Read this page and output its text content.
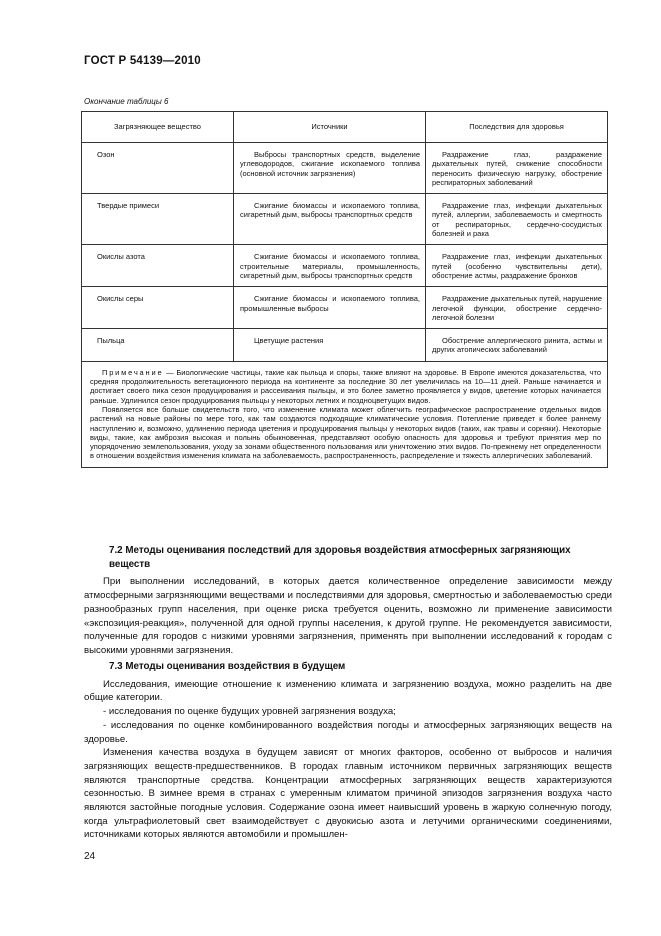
ГОСТ Р 54139—2010
Окончание таблицы 6
Загрязняющее вещество	Источники	Последствия для здоровья
Озон	Выбросы транспортных средств, выделение углеводородов, сжигание ископаемого топлива (основной источник загрязнения)	Раздражение глаз, раздражение дыхательных путей, снижение способности переносить физическую нагрузку, обострение респираторных заболеваний
Твердые примеси	Сжигание биомассы и ископаемого топлива, сигаретный дым, выбросы транспортных средств	Раздражение глаз, инфекции дыхательных путей, аллергии, заболеваемость и смертность от респираторных, сердечно-сосудистых болезней и рака
Окислы азота	Сжигание биомассы и ископаемого топлива, строительные материалы, промышленность, сигаретный дым, выбросы транспортных средств	Раздражение глаз, инфекции дыхательных путей (особенно чувствительны дети), обострение астмы, раздражение бронхов
Окислы серы	Сжигание биомассы и ископаемого топлива, промышленные выбросы	Раздражение дыхательных путей, нарушение легочной функции, обострение сердечно-легочной болезни
Пыльца	Цветущие растения	Обострение аллергического ринита, астмы и других атопических заболеваний

Примечание — Биологические частицы, такие как пыльца и споры, также влияют на здоровье. В Европе имеются доказательства, что средняя продолжительность вегетационного периода на континенте за последние 30 лет увеличилась на 10—11 дней. Раньше начинается и достигает своего пика сезон продуцирования и рассеивания пыльцы, и это более заметно проявляется у видов, цветение которых начинается раньше. Удлинился сезон продуцирования пыльцы у некоторых летних и поздноцветущих видов.

Появляется все больше свидетельств того, что изменение климата может облегчить географическое распространение отдельных видов растений на новые районы по мере того, как там создаются подходящие климатические условия. Потепление приведет к более раннему наступлению и, возможно, удлинению периода цветения и продуцирования пыльцы у некоторых видов (таких, как травы и сорняки). Некоторые виды, такие, как амброзия высокая и полынь обыкновенная, представляют особую опасность для здоровья и требуют принятия мер по упорядочению землепользования, уходу за зонами общественного пользования или уничтожению этих видов. По-прежнему нет определенности в отношении воздействия изменения климата на заболеваемость, распространенность, распределение и тяжесть аллергических заболеваний.		

7.2 Методы оценивания последствий для здоровья воздействия атмосферных загрязняющих веществ

При выполнении исследований, в которых дается количественное определение зависимости между атмосферными загрязняющими веществами и последствиями для здоровья, смертностью и заболеваемостью среди разнообразных групп населения, при оценке риска требуется оценить, возможно ли применение зависимости «экспозиция-реакция», полученной для одной группы населения, к другой группе. Не рекомендуется зависимости, полученные для городов с низкими уровнями загрязнения, применять при выполнении исследований к городам с высокими уровнями загрязнения.

7.3 Методы оценивания воздействия в будущем

Исследования, имеющие отношение к изменению климата и загрязнению воздуха, можно разделить на две общие категории.

- исследования по оценке будущих уровней загрязнения воздуха;

- исследования по оценке комбинированного воздействия погоды и атмосферных загрязняющих веществ на здоровье.

Изменения качества воздуха в будущем зависят от многих факторов, особенно от выбросов и наличия загрязняющих веществ-предшественников. В городах главным источником первичных загрязняющих веществ являются транспортные средства. Концентрации атмосферных загрязняющих веществ характеризуются сезонностью. В зимнее время в странах с умеренным климатом причиной эпизодов загрязнения воздуха часто являются застойные погодные условия. Содержание озона имеет наивысший уровень в жаркую солнечную погоду, когда ультрафиолетовый свет взаимодействует с двуокисью азота и летучими органическими соединениями, источниками которых являются автомобили и промышлен-

24
